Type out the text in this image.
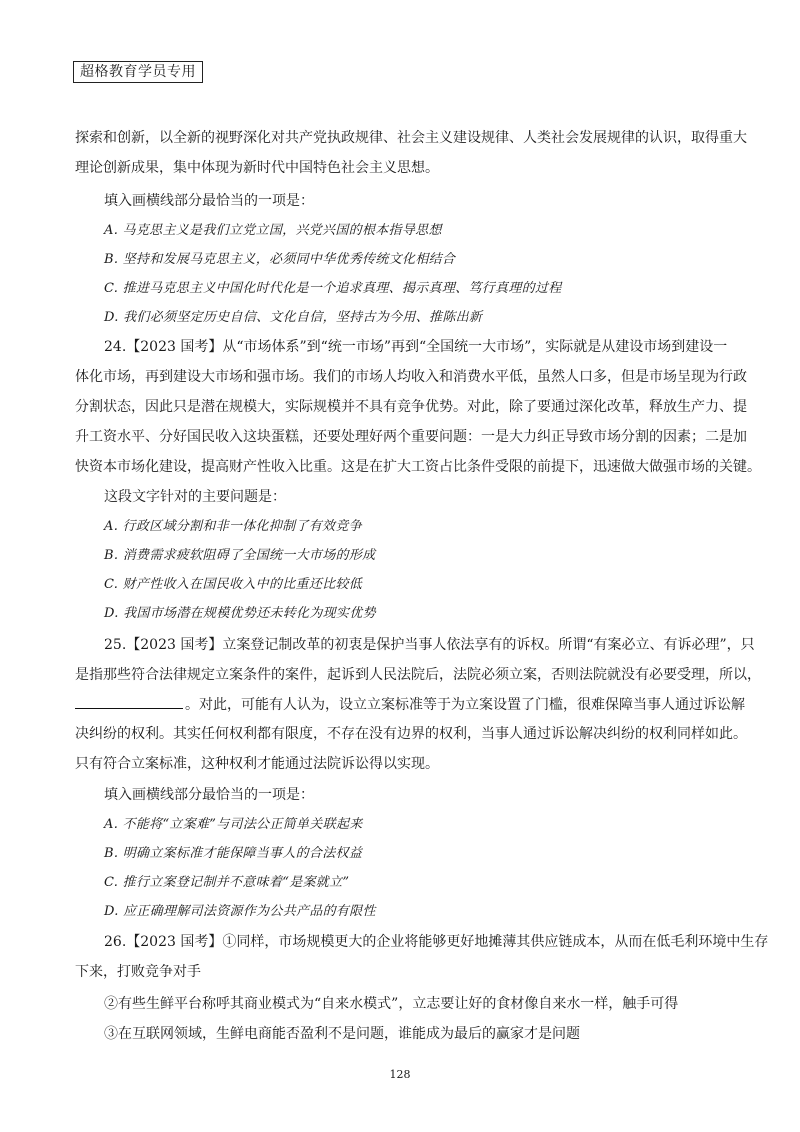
超格教育学员专用
探索和创新，以全新的视野深化对共产党执政规律、社会主义建设规律、人类社会发展规律的认识，取得重大
理论创新成果，集中体现为新时代中国特色社会主义思想。
填入画横线部分最恰当的一项是：
A. 马克思主义是我们立党立国，兴党兴国的根本指导思想
B. 坚持和发展马克思主义，必须同中华优秀传统文化相结合
C. 推进马克思主义中国化时代化是一个追求真理、揭示真理、笃行真理的过程
D. 我们必须坚定历史自信、文化自信，坚持古为今用、推陈出新
24.【2023 国考】从“市场体系”到“统一市场”再到“全国统一大市场”，实际就是从建设市场到建设一
体化市场，再到建设大市场和强市场。我们的市场人均收入和消费水平低，虽然人口多，但是市场呈现为行政
分割状态，因此只是潜在规模大，实际规模并不具有竞争优势。对此，除了要通过深化改革，释放生产力、提
升工资水平、分好国民收入这块蛋糕，还要处理好两个重要问题：一是大力纠正导致市场分割的因素；二是加
快资本市场化建设，提高财产性收入比重。这是在扩大工资占比条件受限的前提下，迅速做大做强市场的关键。
这段文字针对的主要问题是：
A. 行政区域分割和非一体化抑制了有效竞争
B. 消费需求疲软阻碍了全国统一大市场的形成
C. 财产性收入在国民收入中的比重还比较低
D. 我国市场潜在规模优势还未转化为现实优势
25.【2023 国考】立案登记制改革的初衷是保护当事人依法享有的诉权。所谓“有案必立、有诉必理”，只
是指那些符合法律规定立案条件的案件，起诉到人民法院后，法院必须立案，否则法院就没有必要受理，所以，
。对此，可能有人认为，设立立案标准等于为立案设置了门槛，很难保障当事人通过诉讼解
决纠纷的权利。其实任何权利都有限度，不存在没有边界的权利，当事人通过诉讼解决纠纷的权利同样如此。
只有符合立案标准，这种权利才能通过法院诉讼得以实现。
填入画横线部分最恰当的一项是：
A. 不能将“立案难”与司法公正简单关联起来
B. 明确立案标准才能保障当事人的合法权益
C. 推行立案登记制并不意味着“是案就立”
D. 应正确理解司法资源作为公共产品的有限性
26.【2023 国考】①同样，市场规模更大的企业将能够更好地摊薄其供应链成本，从而在低毛利环境中生存
下来，打败竞争对手
②有些生鲜平台称呼其商业模式为“自来水模式”，立志要让好的食材像自来水一样，触手可得
③在互联网领域，生鲜电商能否盈利不是问题，谁能成为最后的赢家才是问题
128
